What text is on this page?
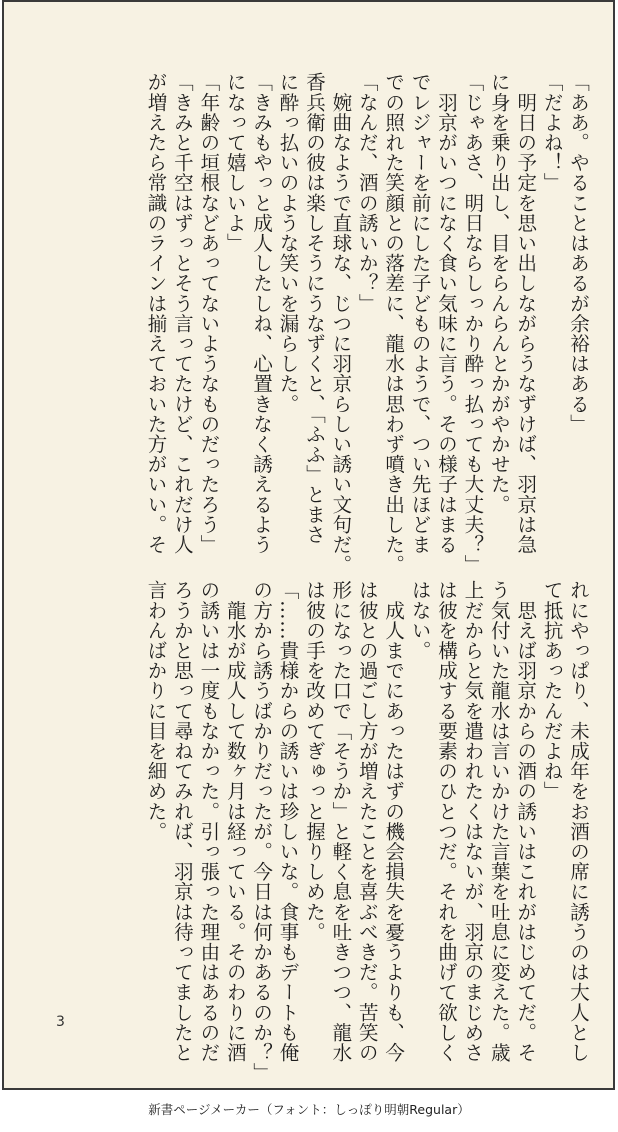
「ああ。やることはあるが余裕はある」
「だよね！」
　明日の予定を思い出しながらうなずけば、羽京は急
に身を乗り出し、目をらんらんとかがやかせた。
「じゃあさ、明日ならしっかり酔っ払っても大丈夫？」
　羽京がいつになく食い気味に言う。その様子はまる
でレジャーを前にした子どものようで、つい先ほどま
での照れた笑顔との落差に、龍水は思わず噴き出した。
「なんだ、酒の誘いか？」
　婉曲なようで直球な、じつに羽京らしい誘い文句だ。
香兵衛の彼は楽しそうにうなずくと、「ふふ」とまさ
に酔っ払いのような笑いを漏らした。
「きみもやっと成人したしね、心置きなく誘えるよう
になって嬉しいよ」
「年齢の垣根などあってないようなものだったろう」
「きみと千空はずっとそう言ってたけど、これだけ人
が増えたら常識のラインは揃えておいた方がいい。そ
れにやっぱり、未成年をお酒の席に誘うのは大人とし
て抵抗あったんだよね」
　思えば羽京からの酒の誘いはこれがはじめてだ。そ
う気付いた龍水は言いかけた言葉を吐息に変えた。歳
上だからと気を遣われたくはないが、羽京のまじめさ
は彼を構成する要素のひとつだ。それを曲げて欲しく
はない。
　成人までにあったはずの機会損失を憂うよりも、今
は彼との過ごし方が増えたことを喜ぶべきだ。苦笑の
形になった口で「そうか」と軽く息を吐きつつ、龍水
は彼の手を改めてぎゅっと握りしめた。
「……貴様からの誘いは珍しいな。食事もデートも俺
の方から誘うばかりだったが。今日は何かあるのか？」
　龍水が成人して数ヶ月は経っている。そのわりに酒
の誘いは一度もなかった。引っ張った理由はあるのだ
ろうかと思って尋ねてみれば、羽京は待ってましたと
言わんばかりに目を細めた。
3
新書ページメーカー（フォント：しっぽり明朝Regular）
